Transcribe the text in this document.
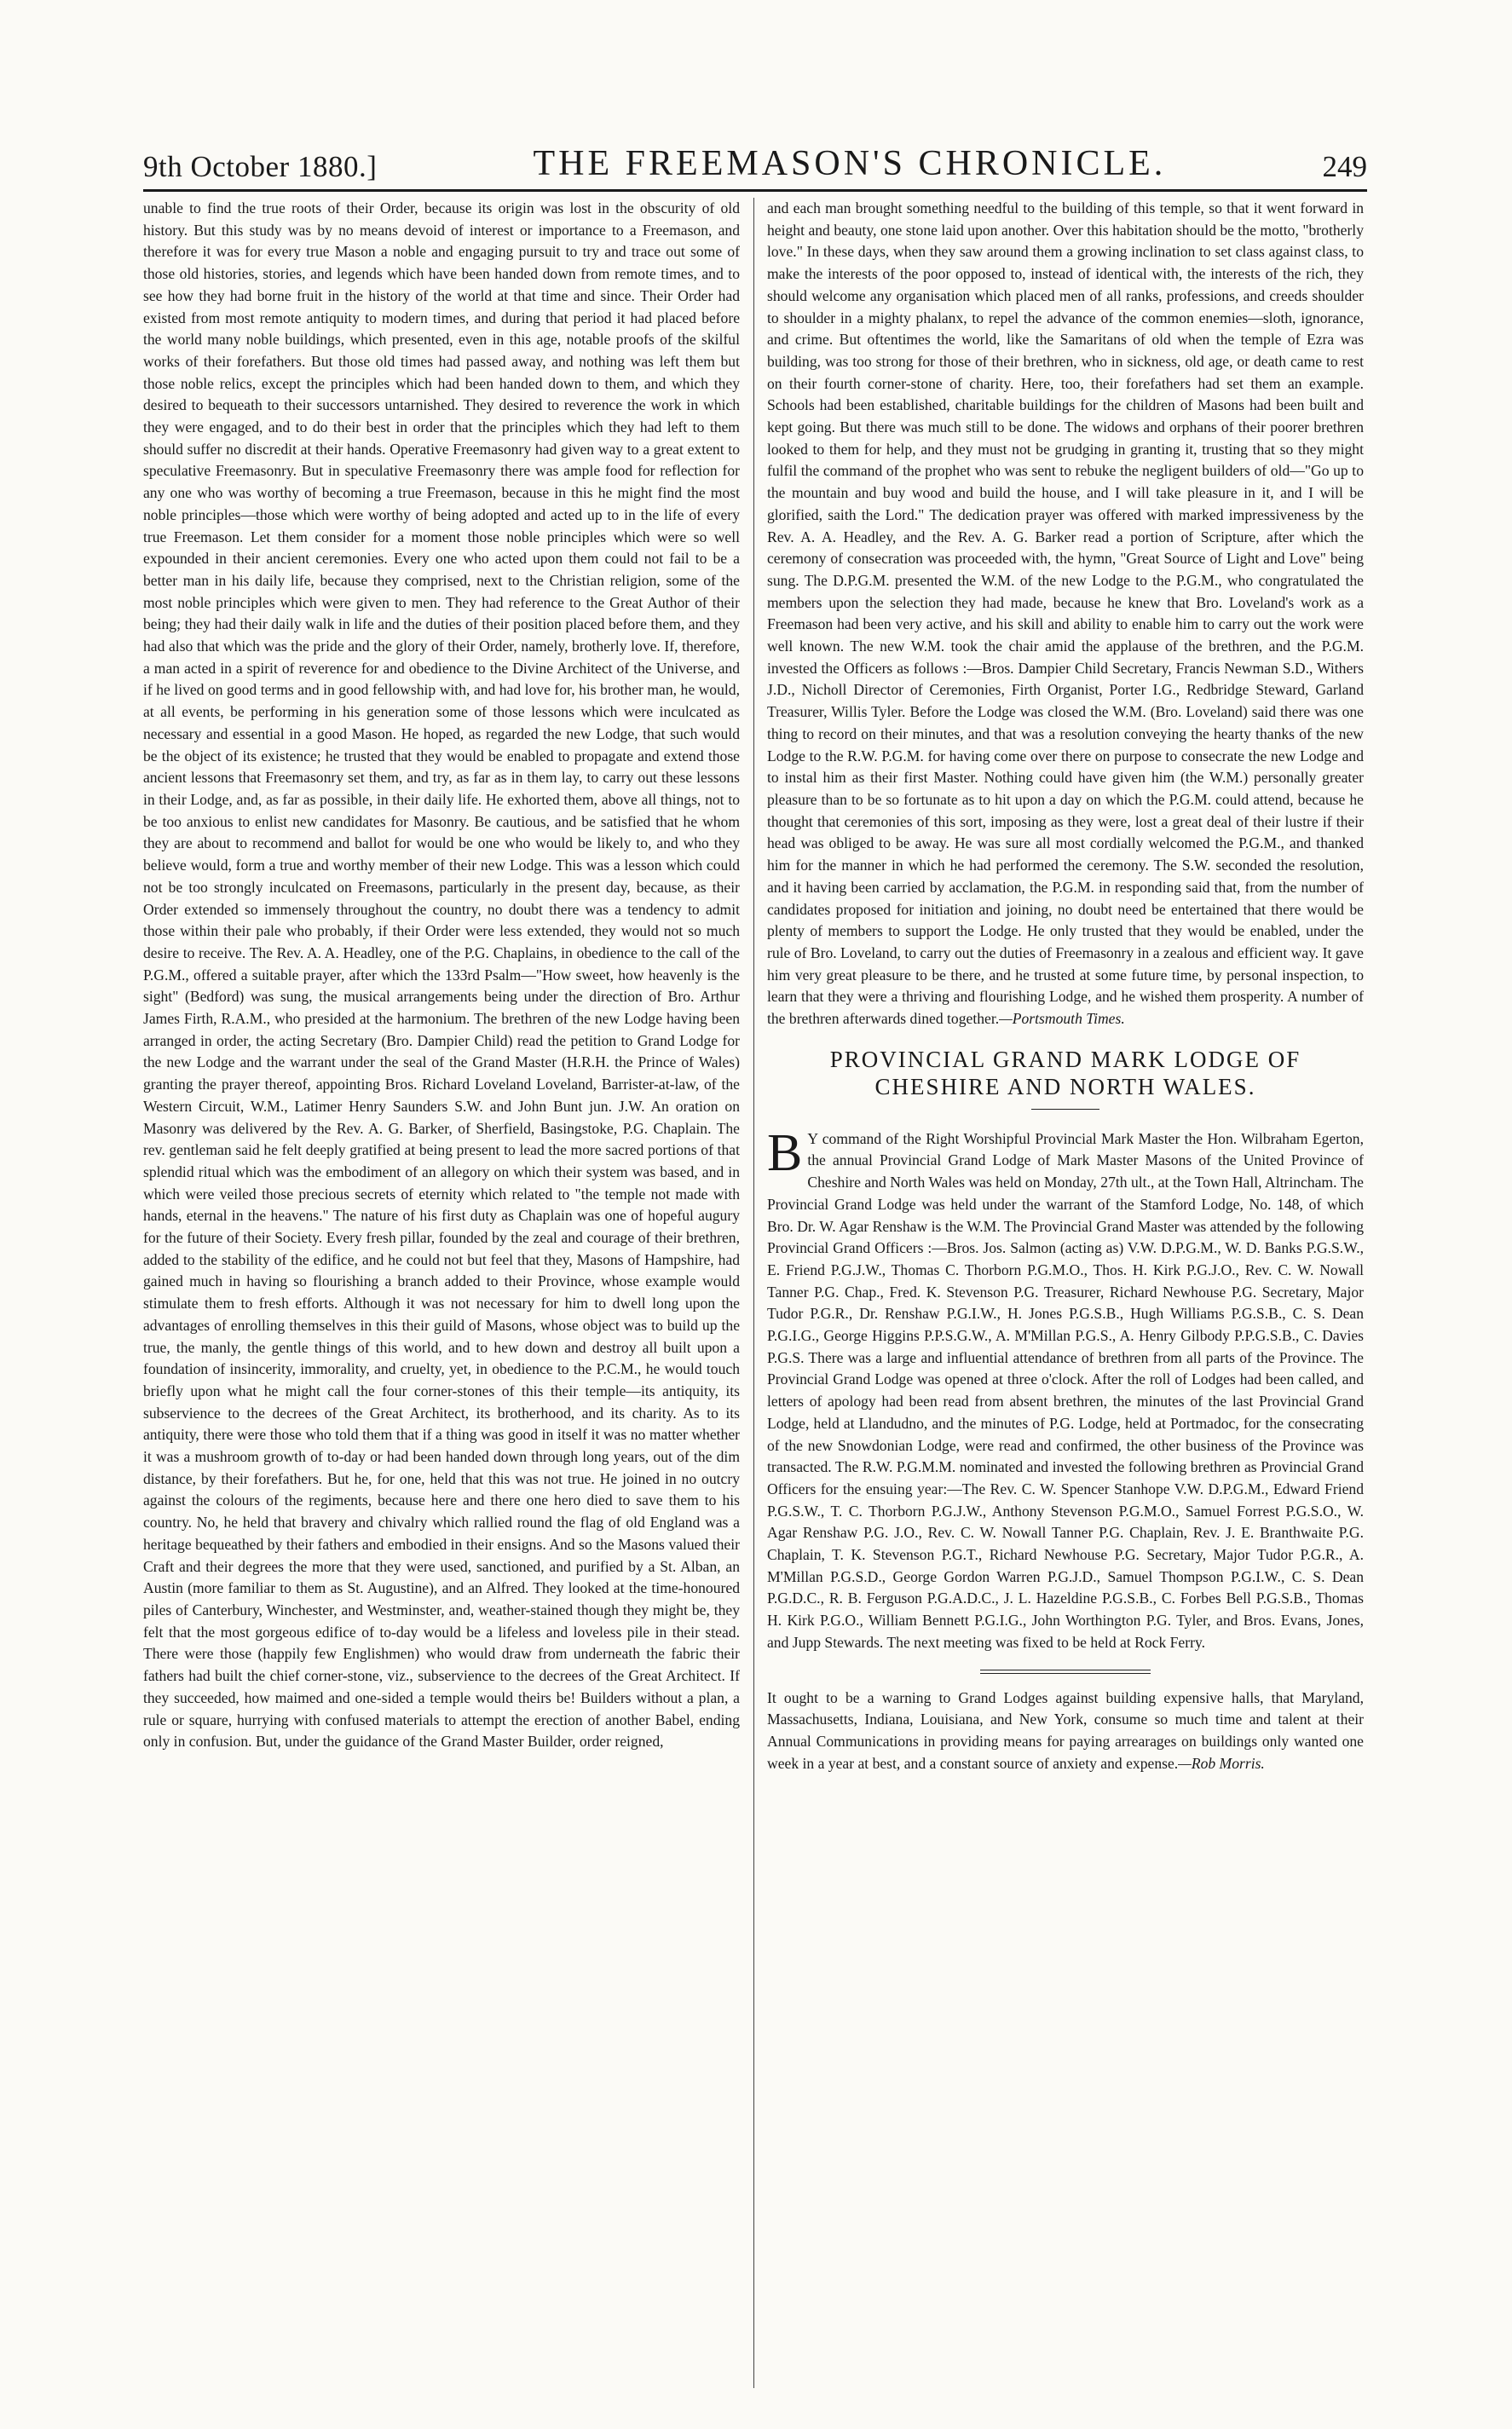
9th October 1880.]	THE FREEMASON'S CHRONICLE.	249

unable to find the true roots of their Order, because its origin was lost in the obscurity of old history. But this study was by no means devoid of interest or importance to a Freemason, and therefore it was for every true Mason a noble and engaging pursuit to try and trace out some of those old histories, stories, and legends which have been handed down from remote times, and to see how they had borne fruit in the history of the world at that time and since. Their Order had existed from most remote antiquity to modern times, and during that period it had placed before the world many noble buildings, which presented, even in this age, notable proofs of the skilful works of their forefathers. But those old times had passed away, and nothing was left them but those noble relics, except the principles which had been handed down to them, and which they desired to bequeath to their successors untarnished. They desired to reverence the work in which they were engaged, and to do their best in order that the principles which they had left to them should suffer no discredit at their hands. Operative Freemasonry had given way to a great extent to speculative Freemasonry. But in speculative Freemasonry there was ample food for reflection for any one who was worthy of becoming a true Freemason, because in this he might find the most noble principles—those which were worthy of being adopted and acted up to in the life of every true Freemason. Let them consider for a moment those noble principles which were so well expounded in their ancient ceremonies. Every one who acted upon them could not fail to be a better man in his daily life, because they comprised, next to the Christian religion, some of the most noble principles which were given to men. They had reference to the Great Author of their being; they had their daily walk in life and the duties of their position placed before them, and they had also that which was the pride and the glory of their Order, namely, brotherly love. If, therefore, a man acted in a spirit of reverence for and obedience to the Divine Architect of the Universe, and if he lived on good terms and in good fellowship with, and had love for, his brother man, he would, at all events, be performing in his generation some of those lessons which were inculcated as necessary and essential in a good Mason. He hoped, as regarded the new Lodge, that such would be the object of its existence; he trusted that they would be enabled to propagate and extend those ancient lessons that Freemasonry set them, and try, as far as in them lay, to carry out these lessons in their Lodge, and, as far as possible, in their daily life. He exhorted them, above all things, not to be too anxious to enlist new candidates for Masonry. Be cautious, and be satisfied that he whom they are about to recommend and ballot for would be one who would be likely to, and who they believe would, form a true and worthy member of their new Lodge. This was a lesson which could not be too strongly inculcated on Freemasons, particularly in the present day, because, as their Order extended so immensely throughout the country, no doubt there was a tendency to admit those within their pale who probably, if their Order were less extended, they would not so much desire to receive. The Rev. A. A. Headley, one of the P.G. Chaplains, in obedience to the call of the P.G.M., offered a suitable prayer, after which the 133rd Psalm—"How sweet, how heavenly is the sight" (Bedford) was sung, the musical arrangements being under the direction of Bro. Arthur James Firth, R.A.M., who presided at the harmonium. The brethren of the new Lodge having been arranged in order, the acting Secretary (Bro. Dampier Child) read the petition to Grand Lodge for the new Lodge and the warrant under the seal of the Grand Master (H.R.H. the Prince of Wales) granting the prayer thereof, appointing Bros. Richard Loveland Loveland, Barrister-at-law, of the Western Circuit, W.M., Latimer Henry Saunders S.W. and John Bunt jun. J.W. An oration on Masonry was delivered by the Rev. A. G. Barker, of Sherfield, Basingstoke, P.G. Chaplain. The rev. gentleman said he felt deeply gratified at being present to lead the more sacred portions of that splendid ritual which was the embodiment of an allegory on which their system was based, and in which were veiled those precious secrets of eternity which related to "the temple not made with hands, eternal in the heavens." The nature of his first duty as Chaplain was one of hopeful augury for the future of their Society. Every fresh pillar, founded by the zeal and courage of their brethren, added to the stability of the edifice, and he could not but feel that they, Masons of Hampshire, had gained much in having so flourishing a branch added to their Province, whose example would stimulate them to fresh efforts. Although it was not necessary for him to dwell long upon the advantages of enrolling themselves in this their guild of Masons, whose object was to build up the true, the manly, the gentle things of this world, and to hew down and destroy all built upon a foundation of insincerity, immorality, and cruelty, yet, in obedience to the P.C.M., he would touch briefly upon what he might call the four corner-stones of this their temple—its antiquity, its subservience to the decrees of the Great Architect, its brotherhood, and its charity. As to its antiquity, there were those who told them that if a thing was good in itself it was no matter whether it was a mushroom growth of to-day or had been handed down through long years, out of the dim distance, by their forefathers. But he, for one, held that this was not true. He joined in no outcry against the colours of the regiments, because here and there one hero died to save them to his country. No, he held that bravery and chivalry which rallied round the flag of old England was a heritage bequeathed by their fathers and embodied in their ensigns. And so the Masons valued their Craft and their degrees the more that they were used, sanctioned, and purified by a St. Alban, an Austin (more familiar to them as St. Augustine), and an Alfred. They looked at the time-honoured piles of Canterbury, Winchester, and Westminster, and, weather-stained though they might be, they felt that the most gorgeous edifice of to-day would be a lifeless and loveless pile in their stead. There were those (happily few Englishmen) who would draw from underneath the fabric their fathers had built the chief corner-stone, viz., subservience to the decrees of the Great Architect. If they succeeded, how maimed and one-sided a temple would theirs be! Builders without a plan, a rule or square, hurrying with confused materials to attempt the erection of another Babel, ending only in confusion. But, under the guidance of the Grand Master Builder, order reigned,

and each man brought something needful to the building of this temple, so that it went forward in height and beauty, one stone laid upon another. Over this habitation should be the motto, "brotherly love." In these days, when they saw around them a growing inclination to set class against class, to make the interests of the poor opposed to, instead of identical with, the interests of the rich, they should welcome any organisation which placed men of all ranks, professions, and creeds shoulder to shoulder in a mighty phalanx, to repel the advance of the common enemies—sloth, ignorance, and crime. But oftentimes the world, like the Samaritans of old when the temple of Ezra was building, was too strong for those of their brethren, who in sickness, old age, or death came to rest on their fourth corner-stone of charity. Here, too, their forefathers had set them an example. Schools had been established, charitable buildings for the children of Masons had been built and kept going. But there was much still to be done. The widows and orphans of their poorer brethren looked to them for help, and they must not be grudging in granting it, trusting that so they might fulfil the command of the prophet who was sent to rebuke the negligent builders of old—"Go up to the mountain and buy wood and build the house, and I will take pleasure in it, and I will be glorified, saith the Lord." The dedication prayer was offered with marked impressiveness by the Rev. A. A. Headley, and the Rev. A. G. Barker read a portion of Scripture, after which the ceremony of consecration was proceeded with, the hymn, "Great Source of Light and Love" being sung. The D.P.G.M. presented the W.M. of the new Lodge to the P.G.M., who congratulated the members upon the selection they had made, because he knew that Bro. Loveland's work as a Freemason had been very active, and his skill and ability to enable him to carry out the work were well known. The new W.M. took the chair amid the applause of the brethren, and the P.G.M. invested the Officers as follows :—Bros. Dampier Child Secretary, Francis Newman S.D., Withers J.D., Nicholl Director of Ceremonies, Firth Organist, Porter I.G., Redbridge Steward, Garland Treasurer, Willis Tyler. Before the Lodge was closed the W.M. (Bro. Loveland) said there was one thing to record on their minutes, and that was a resolution conveying the hearty thanks of the new Lodge to the R.W. P.G.M. for having come over there on purpose to consecrate the new Lodge and to instal him as their first Master. Nothing could have given him (the W.M.) personally greater pleasure than to be so fortunate as to hit upon a day on which the P.G.M. could attend, because he thought that ceremonies of this sort, imposing as they were, lost a great deal of their lustre if their head was obliged to be away. He was sure all most cordially welcomed the P.G.M., and thanked him for the manner in which he had performed the ceremony. The S.W. seconded the resolution, and it having been carried by acclamation, the P.G.M. in responding said that, from the number of candidates proposed for initiation and joining, no doubt need be entertained that there would be plenty of members to support the Lodge. He only trusted that they would be enabled, under the rule of Bro. Loveland, to carry out the duties of Freemasonry in a zealous and efficient way. It gave him very great pleasure to be there, and he trusted at some future time, by personal inspection, to learn that they were a thriving and flourishing Lodge, and he wished them prosperity. A number of the brethren afterwards dined together.—Portsmouth Times.

PROVINCIAL GRAND MARK LODGE OF
CHESHIRE AND NORTH WALES.

B Y command of the Right Worshipful Provincial Mark Master the Hon. Wilbraham Egerton, the annual Provincial Grand Lodge of Mark Master Masons of the United Province of Cheshire and North Wales was held on Monday, 27th ult., at the Town Hall, Altrincham. The Provincial Grand Lodge was held under the warrant of the Stamford Lodge, No. 148, of which Bro. Dr. W. Agar Renshaw is the W.M. The Provincial Grand Master was attended by the following Provincial Grand Officers :—Bros. Jos. Salmon (acting as) V.W. D.P.G.M., W. D. Banks P.G.S.W., E. Friend P.G.J.W., Thomas C. Thorborn P.G.M.O., Thos. H. Kirk P.G.J.O., Rev. C. W. Nowall Tanner P.G. Chap., Fred. K. Stevenson P.G. Treasurer, Richard Newhouse P.G. Secretary, Major Tudor P.G.R., Dr. Renshaw P.G.I.W., H. Jones P.G.S.B., Hugh Williams P.G.S.B., C. S. Dean P.G.I.G., George Higgins P.P.S.G.W., A. M'Millan P.G.S., A. Henry Gilbody P.P.G.S.B., C. Davies P.G.S. There was a large and influential attendance of brethren from all parts of the Province. The Provincial Grand Lodge was opened at three o'clock. After the roll of Lodges had been called, and letters of apology had been read from absent brethren, the minutes of the last Provincial Grand Lodge, held at Llandudno, and the minutes of P.G. Lodge, held at Portmadoc, for the consecrating of the new Snowdonian Lodge, were read and confirmed, the other business of the Province was transacted. The R.W. P.G.M.M. nominated and invested the following brethren as Provincial Grand Officers for the ensuing year:—The Rev. C. W. Spencer Stanhope V.W. D.P.G.M., Edward Friend P.G.S.W., T. C. Thorborn P.G.J.W., Anthony Stevenson P.G.M.O., Samuel Forrest P.G.S.O., W. Agar Renshaw P.G. J.O., Rev. C. W. Nowall Tanner P.G. Chaplain, Rev. J. E. Branthwaite P.G. Chaplain, T. K. Stevenson P.G.T., Richard Newhouse P.G. Secretary, Major Tudor P.G.R., A. M'Millan P.G.S.D., George Gordon Warren P.G.J.D., Samuel Thompson P.G.I.W., C. S. Dean P.G.D.C., R. B. Ferguson P.G.A.D.C., J. L. Hazeldine P.G.S.B., C. Forbes Bell P.G.S.B., Thomas H. Kirk P.G.O., William Bennett P.G.I.G., John Worthington P.G. Tyler, and Bros. Evans, Jones, and Jupp Stewards. The next meeting was fixed to be held at Rock Ferry.

It ought to be a warning to Grand Lodges against building expensive halls, that Maryland, Massachusetts, Indiana, Louisiana, and New York, consume so much time and talent at their Annual Communications in providing means for paying arrearages on buildings only wanted one week in a year at best, and a constant source of anxiety and expense.—Rob Morris.
